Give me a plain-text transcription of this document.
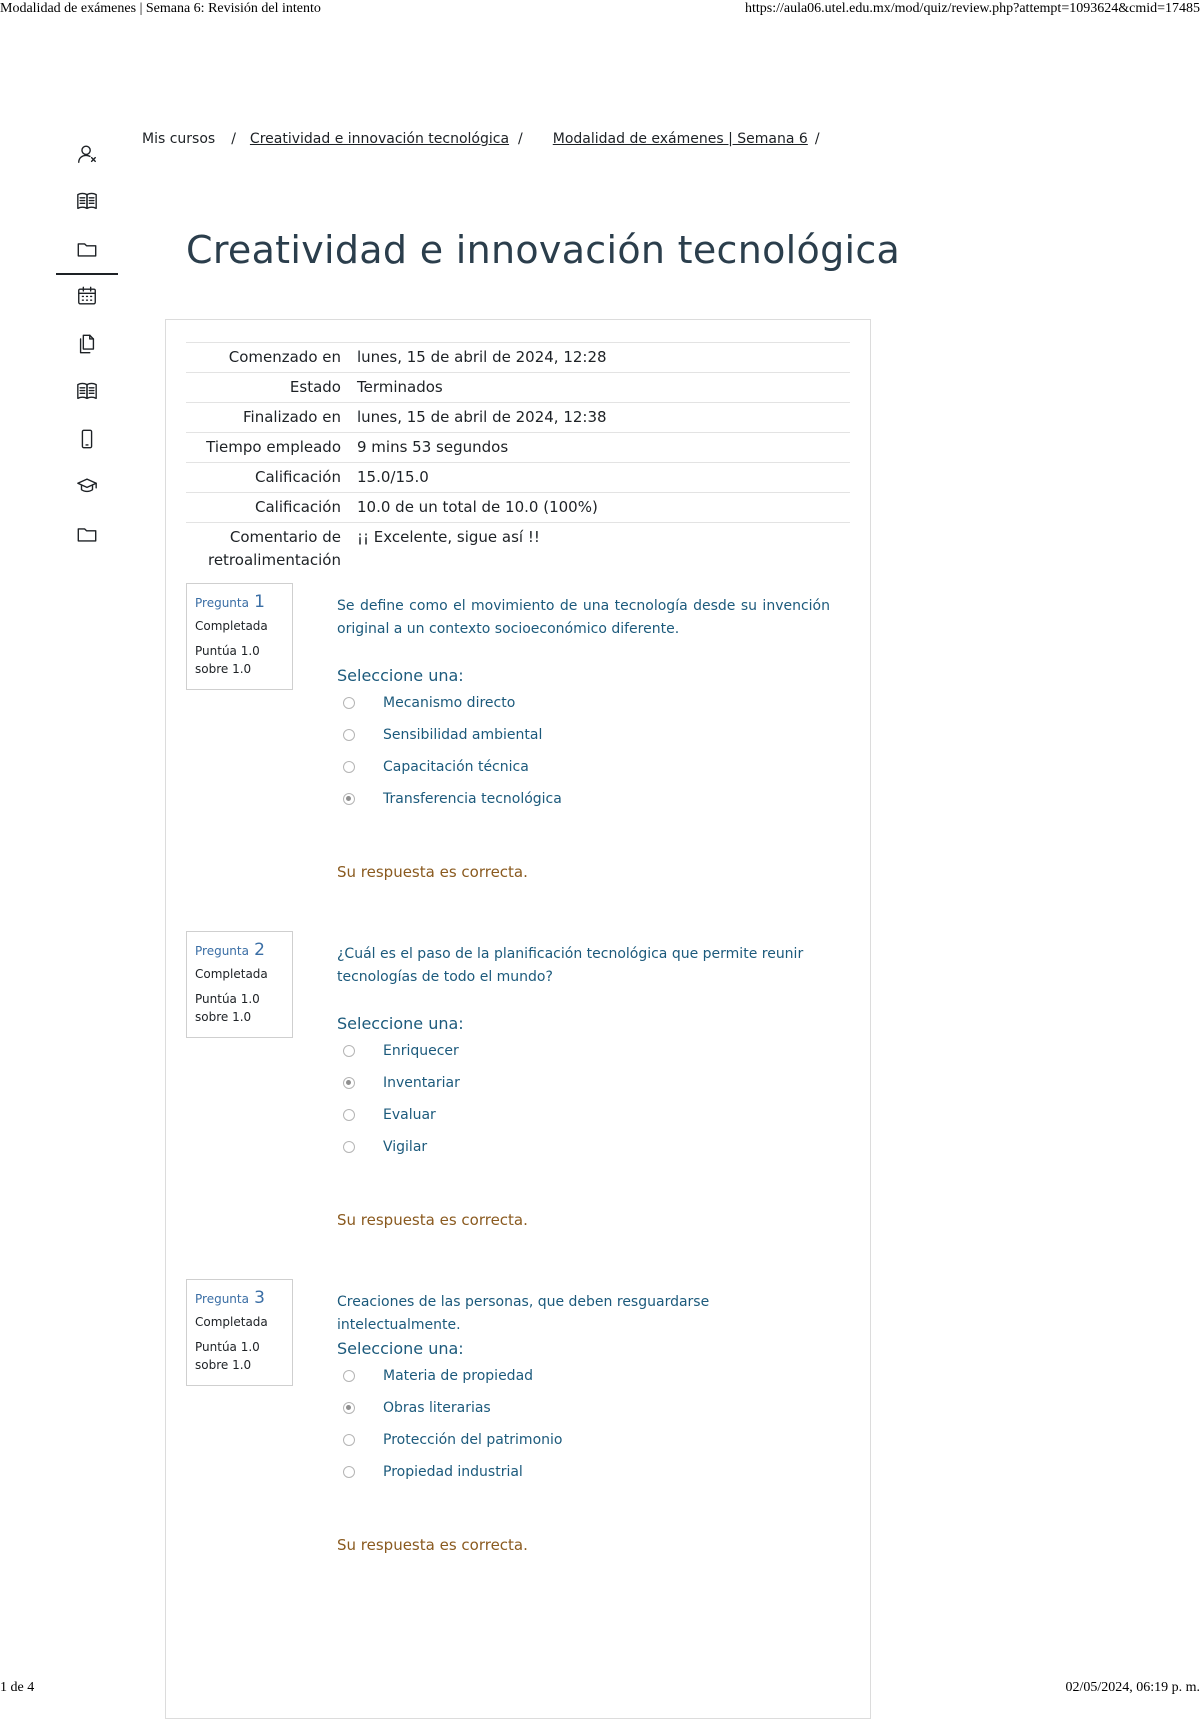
Modalidad de exámenes | Semana 6: Revisión del intento	https://aula06.utel.edu.mx/mod/quiz/review.php?attempt=1093624&cmid=17485
Mis cursos / Creatividad e innovación tecnológica / Modalidad de exámenes | Semana 6 /
Creatividad e innovación tecnológica
Comenzado en	lunes, 15 de abril de 2024, 12:28
Estado	Terminados
Finalizado en	lunes, 15 de abril de 2024, 12:38
Tiempo empleado	9 mins 53 segundos
Calificación	15.0/15.0
Calificación	10.0 de un total de 10.0 (100%)
Comentario de retroalimentación	¡¡ Excelente, sigue así !!
Pregunta 1
Completada
Puntúa 1.0 sobre 1.0
Se define como el movimiento de una tecnología desde su invención original a un contexto socioeconómico diferente.
Seleccione una:
Mecanismo directo
Sensibilidad ambiental
Capacitación técnica
Transferencia tecnológica
Su respuesta es correcta.
Pregunta 2
Completada
Puntúa 1.0 sobre 1.0
¿Cuál es el paso de la planificación tecnológica que permite reunir tecnologías de todo el mundo?
Seleccione una:
Enriquecer
Inventariar
Evaluar
Vigilar
Su respuesta es correcta.
Pregunta 3
Completada
Puntúa 1.0 sobre 1.0
Creaciones de las personas, que deben resguardarse intelectualmente.
Seleccione una:
Materia de propiedad
Obras literarias
Protección del patrimonio
Propiedad industrial
Su respuesta es correcta.
1 de 4	02/05/2024, 06:19 p. m.
